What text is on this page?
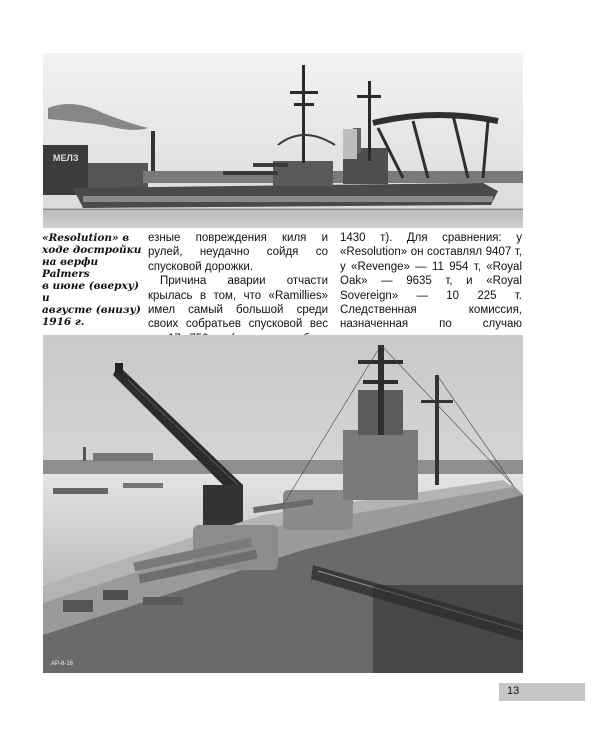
МЕЛЗ

«Resolution» в

ходе достройки

на верфи Palmers

в июне (вверху) и

августе (внизу)

1916 г.

езные повреждения киля и рулей, неудачно сойдя со спусковой дорожки.

Причина аварии отчасти крылась в том, что «Ramillies» имел самый большой среди своих собратьев спусковой вес

1430 т). Для сравнения: у «Resolution» он составлял 9407 т, у «Revenge» — 11 954 т, «Royal Oak» — 9635 т, и «Royal Sovereign» — 10 225 т. Следственная комиссия, назначенная по случаю

AP-8-16
13
